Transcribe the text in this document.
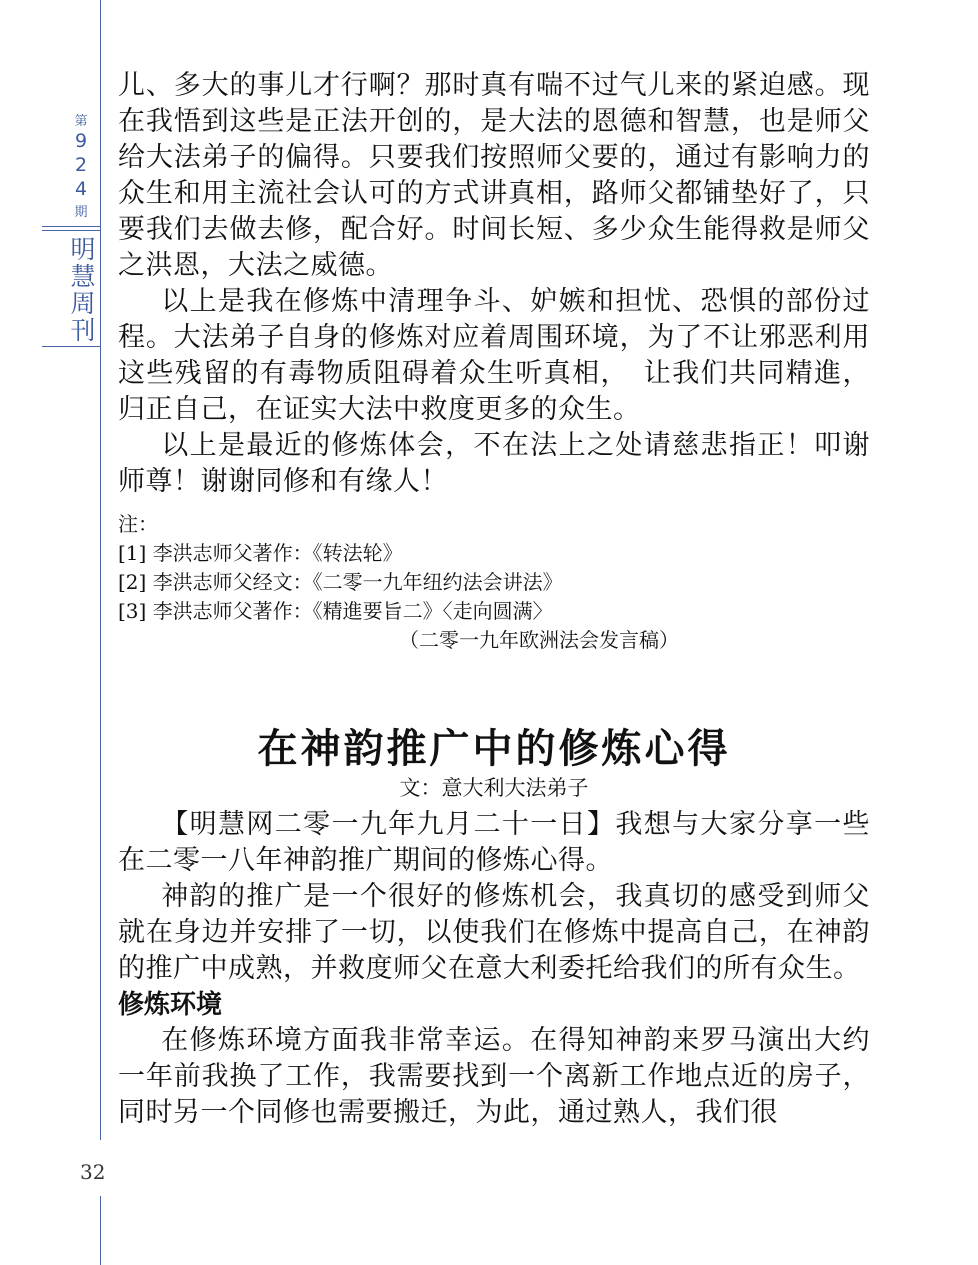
第
9
2
4
期
明
慧
周
刊
32

儿、多大的事儿才行啊？那时真有喘不过气儿来的紧迫感。现在我悟到这些是正法开创的，是大法的恩德和智慧，也是师父给大法弟子的偏得。只要我们按照师父要的，通过有影响力的众生和用主流社会认可的方式讲真相，路师父都铺垫好了，只要我们去做去修，配合好。时间长短、多少众生能得救是师父之洪恩，大法之威德。

以上是我在修炼中清理争斗、妒嫉和担忧、恐惧的部份过程。大法弟子自身的修炼对应着周围环境，为了不让邪恶利用这些残留的有毒物质阻碍着众生听真相，　让我们共同精進，归正自己，在证实大法中救度更多的众生。

以上是最近的修炼体会，不在法上之处请慈悲指正！叩谢师尊！谢谢同修和有缘人！

注：
[1] 李洪志师父著作：《转法轮》
[2] 李洪志师父经文：《二零一九年纽约法会讲法》
[3] 李洪志师父著作：《精進要旨二》〈走向圆满〉
（二零一九年欧洲法会发言稿）
在神韵推广中的修炼心得
文：意大利大法弟子

【明慧网二零一九年九月二十一日】我想与大家分享一些在二零一八年神韵推广期间的修炼心得。

神韵的推广是一个很好的修炼机会，我真切的感受到师父就在身边并安排了一切，以使我们在修炼中提高自己，在神韵的推广中成熟，并救度师父在意大利委托给我们的所有众生。

修炼环境

在修炼环境方面我非常幸运。在得知神韵来罗马演出大约一年前我换了工作，我需要找到一个离新工作地点近的房子，同时另一个同修也需要搬迁，为此，通过熟人，我们很
